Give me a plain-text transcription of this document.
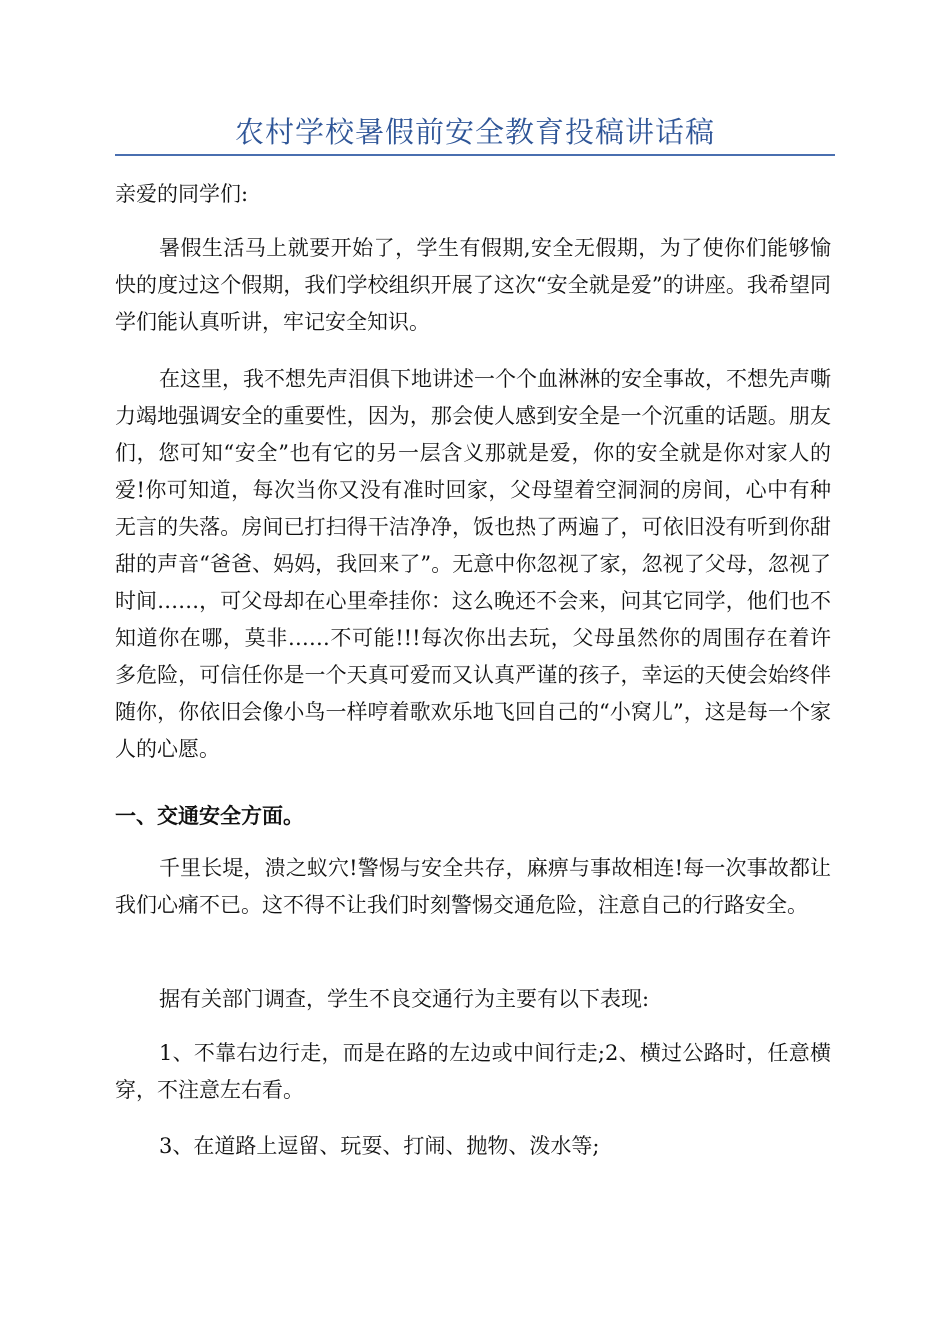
农村学校暑假前安全教育投稿讲话稿

亲爱的同学们:

暑假生活马上就要开始了，学生有假期,安全无假期，为了使你们能够愉快的度过这个假期，我们学校组织开展了这次“安全就是爱”的讲座。我希望同学们能认真听讲，牢记安全知识。

在这里，我不想先声泪俱下地讲述一个个血淋淋的安全事故，不想先声嘶力竭地强调安全的重要性，因为，那会使人感到安全是一个沉重的话题。朋友们，您可知“安全”也有它的另一层含义那就是爱，你的安全就是你对家人的爱!你可知道，每次当你又没有准时回家，父母望着空洞洞的房间，心中有种无言的失落。房间已打扫得干洁净净，饭也热了两遍了，可依旧没有听到你甜甜的声音“爸爸、妈妈，我回来了”。无意中你忽视了家，忽视了父母，忽视了时间……，可父母却在心里牵挂你：这么晚还不会来，问其它同学，他们也不知道你在哪，莫非……不可能!!!每次你出去玩，父母虽然你的周围存在着许多危险，可信任你是一个天真可爱而又认真严谨的孩子，幸运的天使会始终伴随你，你依旧会像小鸟一样哼着歌欢乐地飞回自己的“小窝儿”，这是每一个家人的心愿。

一、交通安全方面。

千里长堤，溃之蚁穴!警惕与安全共存，麻痹与事故相连!每一次事故都让我们心痛不已。这不得不让我们时刻警惕交通危险，注意自己的行路安全。

据有关部门调查，学生不良交通行为主要有以下表现:

1、不靠右边行走，而是在路的左边或中间行走;2、横过公路时，任意横穿，不注意左右看。

3、在道路上逗留、玩耍、打闹、抛物、泼水等;
